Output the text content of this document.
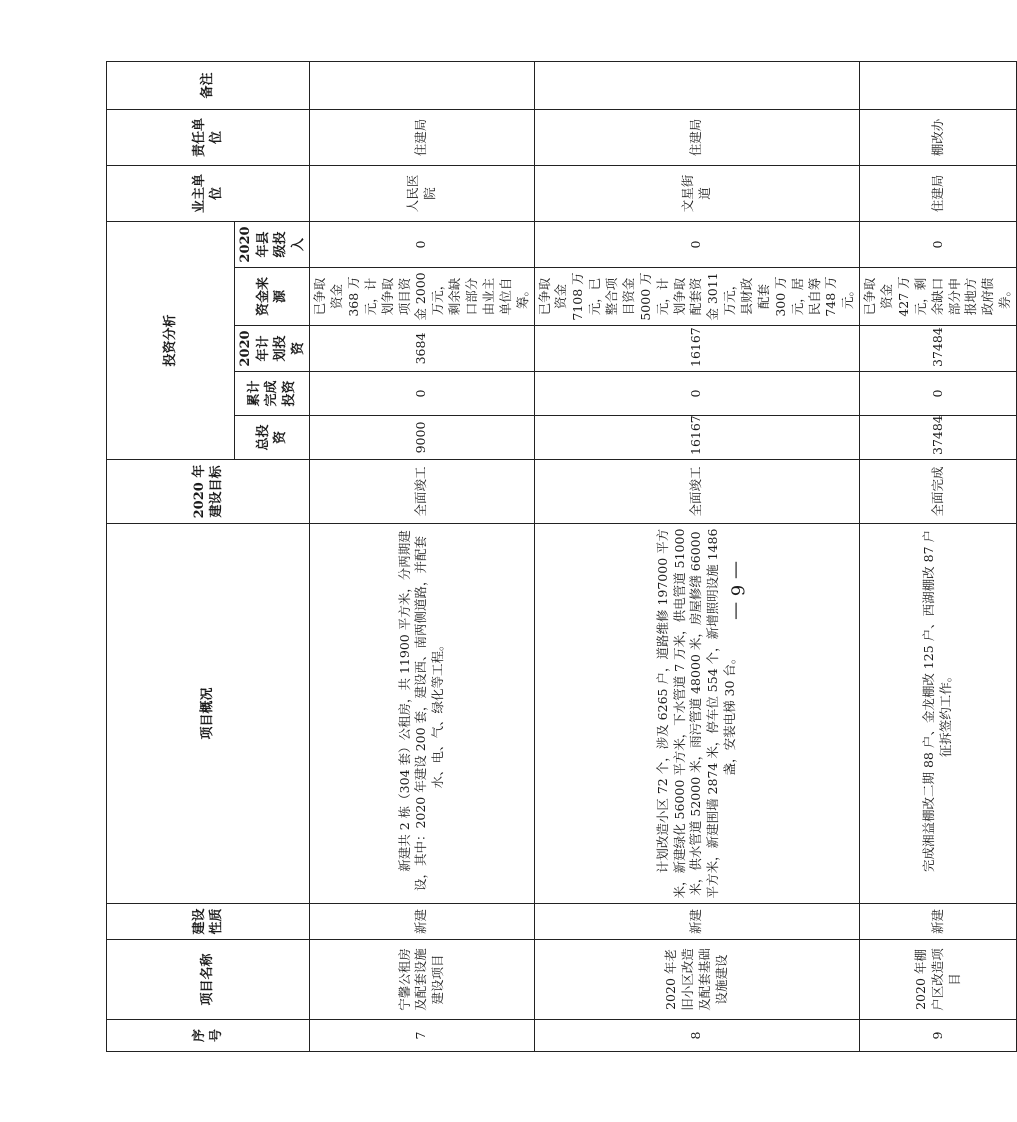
序号	项目名称	建设性质	项目概况	2020 年建设目标	投资分析					业主单位	责任单位	备注
					总投资	累计完成投资	2020 年计划投资	资金来源	2020 年县级投入			
7	宁馨公租房及配套设施建设项目	新建	新建共 2 栋（304 套）公租房，共 11900 平方米，分两期建设，其中：2020 年建设 200 套，建设西、南两侧道路，并配套水、电、气、绿化等工程。	全面竣工	9000	0	3684	已争取资金 368 万元，计划争取项目资金 2000 万元，剩余缺口部分由业主单位自筹。	0	人民医院	住建局	
8	2020 年老旧小区改造及配套基础设施建设	新建	计划改造小区 72 个，涉及 6265 户，道路维修 197000 平方米，新建绿化 56000 平方米，下水管道 7 万米，供电管道 51000 米，供水管道 52000 米，雨污管道 48000 米，房屋修缮 66000 平方米，新建围墙 2874 米，停车位 554 个，新增照明设施 1486 盏，安装电梯 30 台。	全面竣工	16167	0	16167	已争取资金 7108 万元，已整合项目资金 5000 万元，计划争取配套资金 3011 万元，县财政配套 300 万元，居民自筹 748 万元。	0	文星街道	住建局	
9	2020 年棚户区改造项目	新建	完成湘益棚改二期 88 户、金龙棚改 125 户、西湖棚改 87 户征拆签约工作。	全面完成	37484	0	37484	已争取资金 427 万元，剩余缺口部分申报地方政府债券。	0	住建局	棚改办	
— 6 —
